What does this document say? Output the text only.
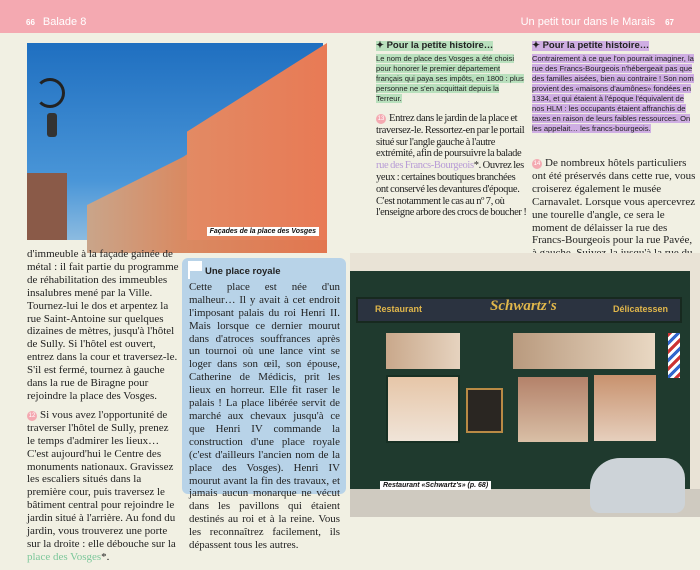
66 Balade 8	Un petit tour dans le Marais 67
Façades de la place des Vosges

d'immeuble à la façade gainée de métal : il fait partie du programme de réhabilitation des immeubles insalubres mené par la Ville. Tournez-lui le dos et arpentez la rue Saint-Antoine sur quelques dizaines de mètres, jusqu'à l'hôtel de Sully. Si l'hôtel est ouvert, entrez dans la cour et traversez-le. S'il est fermé, tournez à gauche dans la rue de Biragne pour rejoindre la place des Vosges.

12 Si vous avez l'opportunité de traverser l'hôtel de Sully, prenez le temps d'admirer les lieux… C'est aujourd'hui le Centre des monuments nationaux. Gravissez les escaliers situés dans la première cour, puis traversez le bâtiment central pour rejoindre le jardin situé à l'arrière. Au fond du jardin, vous trouverez une porte sur la droite : elle débouche sur la place des Vosges*.

Une place royale
Cette place est née d'un malheur… Il y avait à cet endroit l'imposant palais du roi Henri II. Mais lorsque ce dernier mourut dans d'atroces souffrances après un tournoi où une lance vint se loger dans son œil, son épouse, Catherine de Médicis, prit les lieux en horreur. Elle fit raser le palais ! La place libérée servit de marché aux chevaux jusqu'à ce que Henri IV commande la construction d'une place royale (c'est d'ailleurs l'ancien nom de la place des Vosges). Henri IV mourut avant la fin des travaux, et jamais aucun monarque ne vécut dans les pavillons qui étaient destinés au roi et à la reine. Vous les reconnaîtrez facilement, ils dépassent tous les autres.
✦ Pour la petite histoire…
Le nom de place des Vosges a été choisi pour honorer le premier département français qui paya ses impôts, en 1800 : plus personne ne s'en acquittait depuis la Terreur.

13 Entrez dans le jardin de la place et traversez-le. Ressortez-en par le portail situé sur l'angle gauche à l'autre extrémité, afin de poursuivre la balade rue des Francs-Bourgeois*. Ouvrez les yeux : certaines boutiques branchées ont conservé les devantures d'époque. C'est notamment le cas au nº 7, où l'enseigne arbore des crocs de boucher !

✦ Pour la petite histoire…
Contrairement à ce que l'on pourrait imaginer, la rue des Francs-Bourgeois n'hébergeait pas que des familles aisées, bien au contraire ! Son nom provient des «maisons d'aumônes» fondées en 1334, et qui étaient à l'époque l'équivalent de nos HLM : les occupants étaient affranchis de taxes en raison de leurs faibles ressources. On les appelait… les francs-bourgeois.

14 De nombreux hôtels particuliers ont été préservés dans cette rue, vous croiserez également le musée Carnavalet. Lorsque vous apercevrez une tourelle d'angle, ce sera le moment de délaisser la rue des Francs-Bourgeois pour la rue Pavée,

Restaurant	Schwartz's	Délicatessen
Restaurant «Schwartz's» (p. 68)
